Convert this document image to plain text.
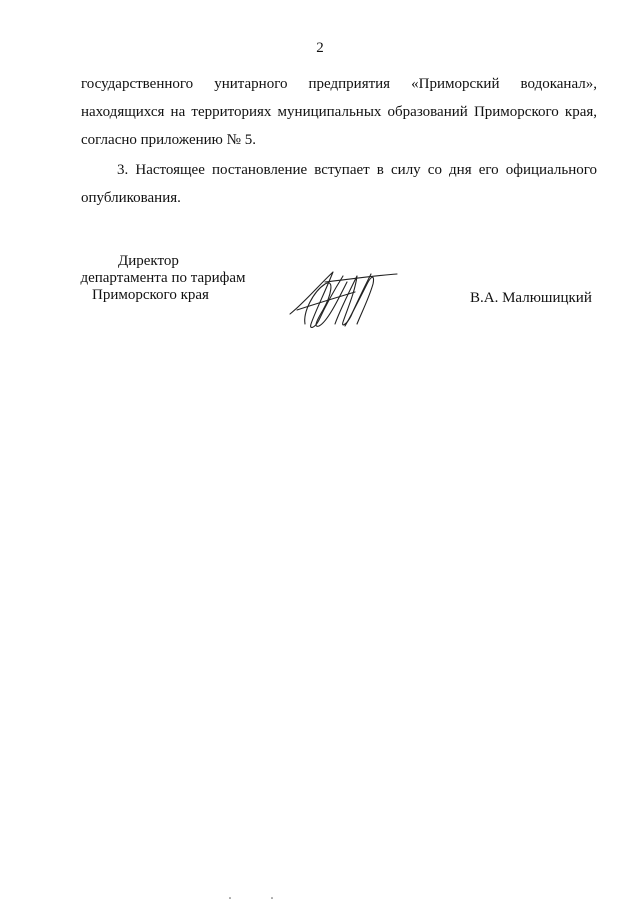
2

государственного унитарного предприятия «Приморский водоканал»,
находящихся на территориях муниципальных образований Приморского края,
согласно приложению № 5.

3. Настоящее постановление вступает в силу со дня его официального
опубликования.

Директор
департамента по тарифам
Приморского края	В.А. Малюшицкий
